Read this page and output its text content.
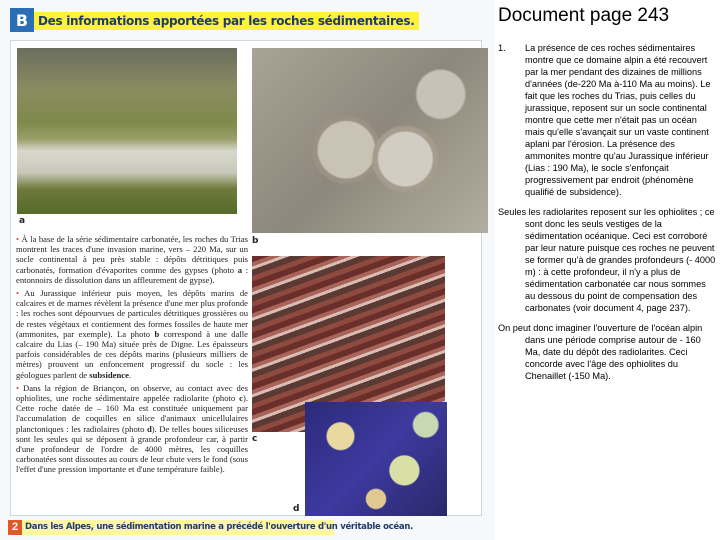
B Des informations apportées par les roches sédimentaires.
a
b
c
d

• À la base de la série sédimentaire carbonatée, les roches du Trias montrent les traces d'une invasion marine, vers – 220 Ma, sur un socle continental à peu près stable : dépôts détritiques puis carbonatés, formation d'évaporites comme des gypses (photo a : entonnoirs de dissolution dans un affleurement de gypse).

• Au Jurassique inférieur puis moyen, les dépôts marins de calcaires et de marnes révèlent la présence d'une mer plus profonde : les roches sont dépourvues de particules détritiques grossières ou de restes végétaux et contiennent des formes fossiles de haute mer (ammonites, par exemple). La photo b correspond à une dalle calcaire du Lias (– 190 Ma) située près de Digne. Les épaisseurs parfois considérables de ces dépôts marins (plusieurs milliers de mètres) prouvent un enfoncement progressif du socle : les géologues parlent de subsidence.

• Dans la région de Briançon, on observe, au contact avec des ophiolites, une roche sédimentaire appelée radiolarite (photo c). Cette roche datée de – 160 Ma est constituée uniquement par l'accumulation de coquilles en silice d'animaux unicellulaires planctoniques : les radiolaires (photo d). De telles boues siliceuses sont les seules qui se déposent à grande profondeur car, à partir d'une profondeur de l'ordre de 4000 mètres, les coquilles carbonatées sont dissoutes au cours de leur chute vers le fond (sous l'effet d'une pression importante et d'une température faible).

2 Dans les Alpes, une sédimentation marine a précédé l'ouverture d'un véritable océan.
Document page 243
1.	La présence de ces roches sédimentaires montre que ce domaine alpin a été recouvert par la mer pendant des dizaines de millions d'années (de-220 Ma à-110 Ma au moins). Le fait que les roches du Trias, puis celles du jurassique, reposent sur un socle continental montre que cette mer n'était pas un océan mais qu'elle s'avançait sur un vaste continent aplani par l'érosion. La présence des ammonites montre qu'au Jurassique inférieur (Lias : 190 Ma), le socle s'enfonçait progressivement par endroit (phénomène qualifié de subsidence).
Seules les radiolarites reposent sur les ophiolites ; ce sont donc les seuls vestiges de la sédimentation océanique. Ceci est corroboré par leur nature puisque ces roches ne peuvent se former qu'à de grandes profondeurs (- 4000 m) : à cette profondeur, il n'y a plus de sédimentation carbonatée car nous sommes au dessous du point de compensation des carbonates (voir document 4, page 237).
On peut donc imaginer l'ouverture de l'océan alpin dans une période comprise autour de - 160 Ma, date du dépôt des radiolarites. Ceci concorde avec l'âge des ophiolites du Chenaillet (-150 Ma).
